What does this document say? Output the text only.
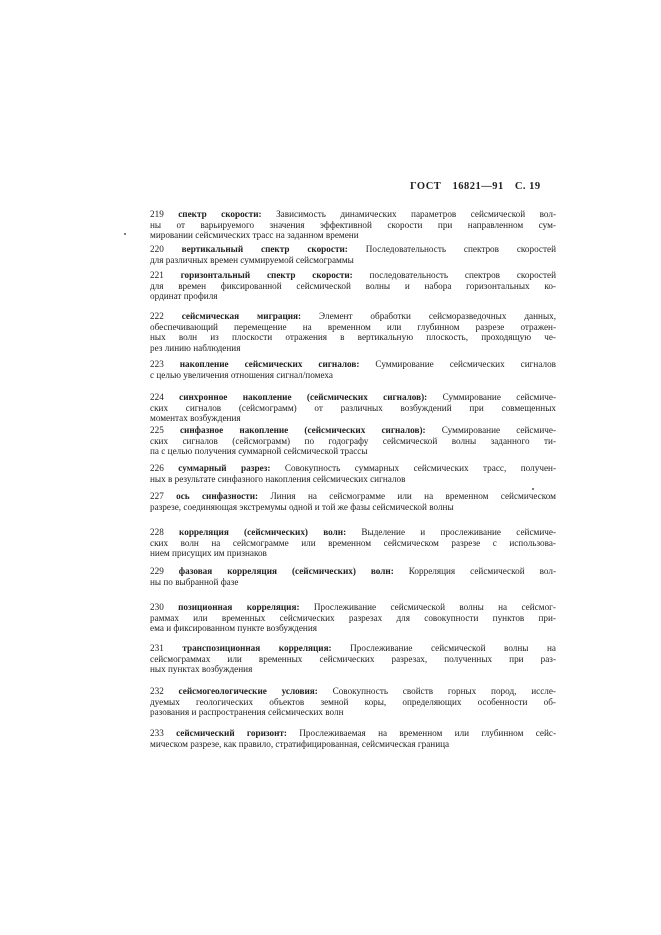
ГОСТ 16821—91 С. 19
219 спектр скорости: Зависимость динамических параметров сейсмической вол-
ны от варьируемого значения эффективной скорости при направленном сум-
мировании сейсмических трасс на заданном времени
220 вертикальный спектр скорости: Последовательность спектров скоростей
для различных времен суммируемой сейсмограммы
221 горизонтальный спектр скорости: последовательность спектров скоростей
для времен фиксированной сейсмической волны и набора горизонтальных ко-
ординат профиля
222 сейсмическая миграция: Элемент обработки сейсморазведочных данных,
обеспечивающий перемещение на временном или глубинном разрезе отражен-
ных волн из плоскости отражения в вертикальную плоскость, проходящую че-
рез линию наблюдения
223 накопление сейсмических сигналов: Суммирование сейсмических сигналов
с целью увеличения отношения сигнал/помеха
224 синхронное накопление (сейсмических сигналов): Суммирование сейсмиче-
ских сигналов (сейсмограмм) от различных возбуждений при совмещенных
моментах возбуждения
225 синфазное накопление (сейсмических сигналов): Суммирование сейсмиче-
ских сигналов (сейсмограмм) по годографу сейсмической волны заданного ти-
па с целью получения суммарной сейсмической трассы
226 суммарный разрез: Совокупность суммарных сейсмических трасс, получен-
ных в результате синфазного накопления сейсмических сигналов
227 ось синфазности: Линия на сейсмограмме или на временном сейсмическом
разрезе, соединяющая экстремумы одной и той же фазы сейсмической волны
228 корреляция (сейсмических) волн: Выделение и прослеживание сейсмиче-
ских волн на сейсмограмме или временном сейсмическом разрезе с использова-
нием присущих им признаков
229 фазовая корреляция (сейсмических) волн: Корреляция сейсмической вол-
ны по выбранной фазе
230 позиционная корреляция: Прослеживание сейсмической волны на сейсмог-
раммах или временных сейсмических разрезах для совокупности пунктов при-
ема и фиксированном пункте возбуждения
231 транспозиционная корреляция: Прослеживание сейсмической волны на
сейсмограммах или временных сейсмических разрезах, полученных при раз-
ных пунктах возбуждения
232 сейсмогеологические условия: Совокупность свойств горных пород, иссле-
дуемых геологических объектов земной коры, определяющих особенности об-
разования и распространения сейсмических волн
233 сейсмический горизонт: Прослеживаемая на временном или глубинном сейс-
мическом разрезе, как правило, стратифицированная, сейсмическая граница
